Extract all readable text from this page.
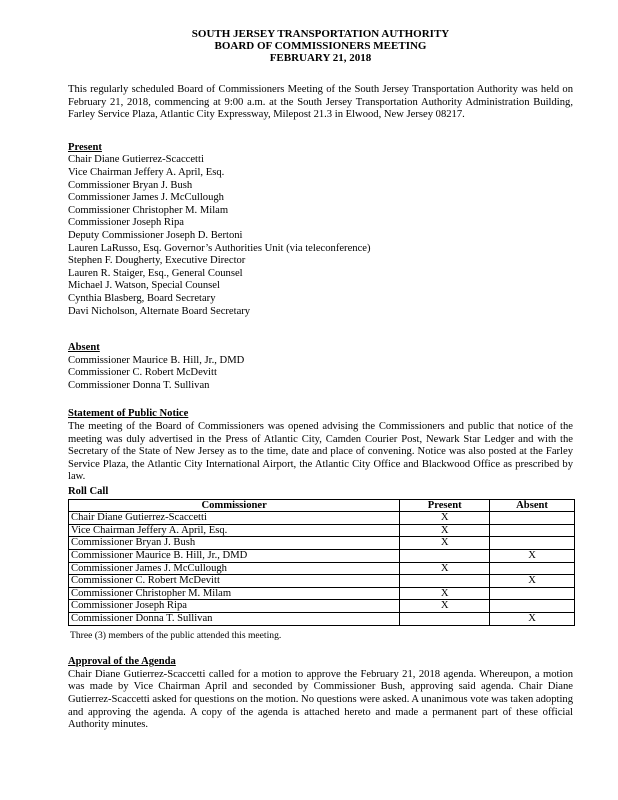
SOUTH JERSEY TRANSPORTATION AUTHORITY
BOARD OF COMMISSIONERS MEETING
FEBRUARY 21, 2018
This regularly scheduled Board of Commissioners Meeting of the South Jersey Transportation Authority was held on February 21, 2018, commencing at 9:00 a.m. at the South Jersey Transportation Authority Administration Building, Farley Service Plaza, Atlantic City Expressway, Milepost 21.3 in Elwood, New Jersey 08217.
Present
Chair Diane Gutierrez-Scaccetti
Vice Chairman Jeffery A. April, Esq.
Commissioner Bryan J. Bush
Commissioner James J. McCullough
Commissioner Christopher M. Milam
Commissioner Joseph Ripa
Deputy Commissioner Joseph D. Bertoni
Lauren LaRusso, Esq. Governor’s Authorities Unit (via teleconference)
Stephen F. Dougherty, Executive Director
Lauren R. Staiger, Esq., General Counsel
Michael J. Watson, Special Counsel
Cynthia Blasberg, Board Secretary
Davi Nicholson, Alternate Board Secretary
Absent
Commissioner Maurice B. Hill, Jr., DMD
Commissioner C. Robert McDevitt
Commissioner Donna T. Sullivan
Statement of Public Notice

The meeting of the Board of Commissioners was opened advising the Commissioners and public that notice of the meeting was duly advertised in the Press of Atlantic City, Camden Courier Post, Newark Star Ledger and with the Secretary of the State of New Jersey as to the time, date and place of convening. Notice was also posted at the Farley Service Plaza, the Atlantic City International Airport, the Atlantic City Office and Blackwood Office as prescribed by law.

Roll Call
Commissioner	Present	Absent
Chair Diane Gutierrez-Scaccetti	X	
Vice Chairman Jeffery A. April, Esq.	X	
Commissioner Bryan J. Bush	X	
Commissioner Maurice B. Hill, Jr., DMD		X
Commissioner James J. McCullough	X	
Commissioner C. Robert McDevitt		X
Commissioner Christopher M. Milam	X	
Commissioner Joseph Ripa	X	
Commissioner Donna T. Sullivan		X
Three (3) members of the public attended this meeting.
Approval of the Agenda

Chair Diane Gutierrez-Scaccetti called for a motion to approve the February 21, 2018 agenda. Whereupon, a motion was made by Vice Chairman April and seconded by Commissioner Bush, approving said agenda. Chair Diane Gutierrez-Scaccetti asked for questions on the motion. No questions were asked. A unanimous vote was taken adopting and approving the agenda. A copy of the agenda is attached hereto and made a permanent part of these official Authority minutes.
